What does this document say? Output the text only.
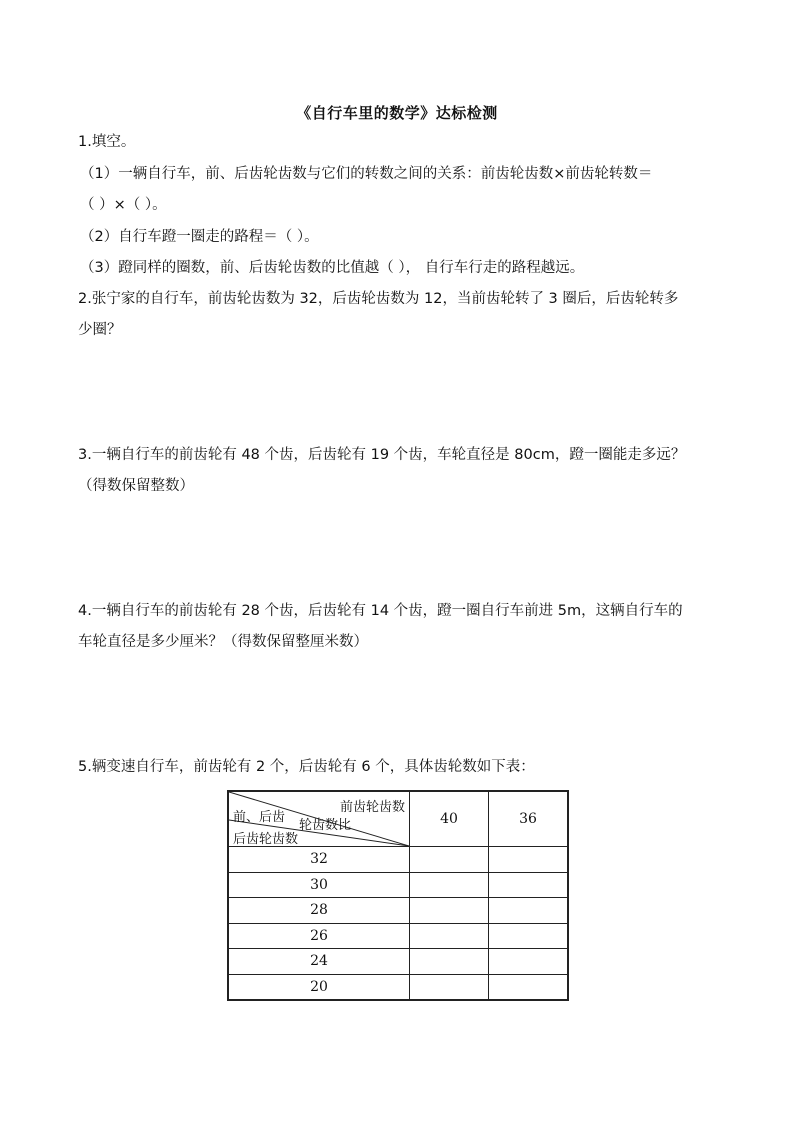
《自行车里的数学》达标检测
1.填空。
（1）一辆自行车，前、后齿轮齿数与它们的转数之间的关系：前齿轮齿数×前齿轮转数＝
（ ）×（ ）。
（2）自行车蹬一圈走的路程＝（ ）。
（3）蹬同样的圈数，前、后齿轮齿数的比值越（ ）， 自行车行走的路程越远。
2.张宁家的自行车，前齿轮齿数为 32，后齿轮齿数为 12，当前齿轮转了 3 圈后，后齿轮转多
少圈？
3.一辆自行车的前齿轮有 48 个齿，后齿轮有 19 个齿，车轮直径是 80cm，蹬一圈能走多远？
（得数保留整数）
4.一辆自行车的前齿轮有 28 个齿，后齿轮有 14 个齿，蹬一圈自行车前进 5m，这辆自行车的
车轮直径是多少厘米？（得数保留整厘米数）
5.辆变速自行车，前齿轮有 2 个，后齿轮有 6 个，具体齿轮数如下表：
前齿轮齿数
前、后齿
轮齿数比
后齿轮齿数	40	36
32		
30		
28		
26		
24		
20		
